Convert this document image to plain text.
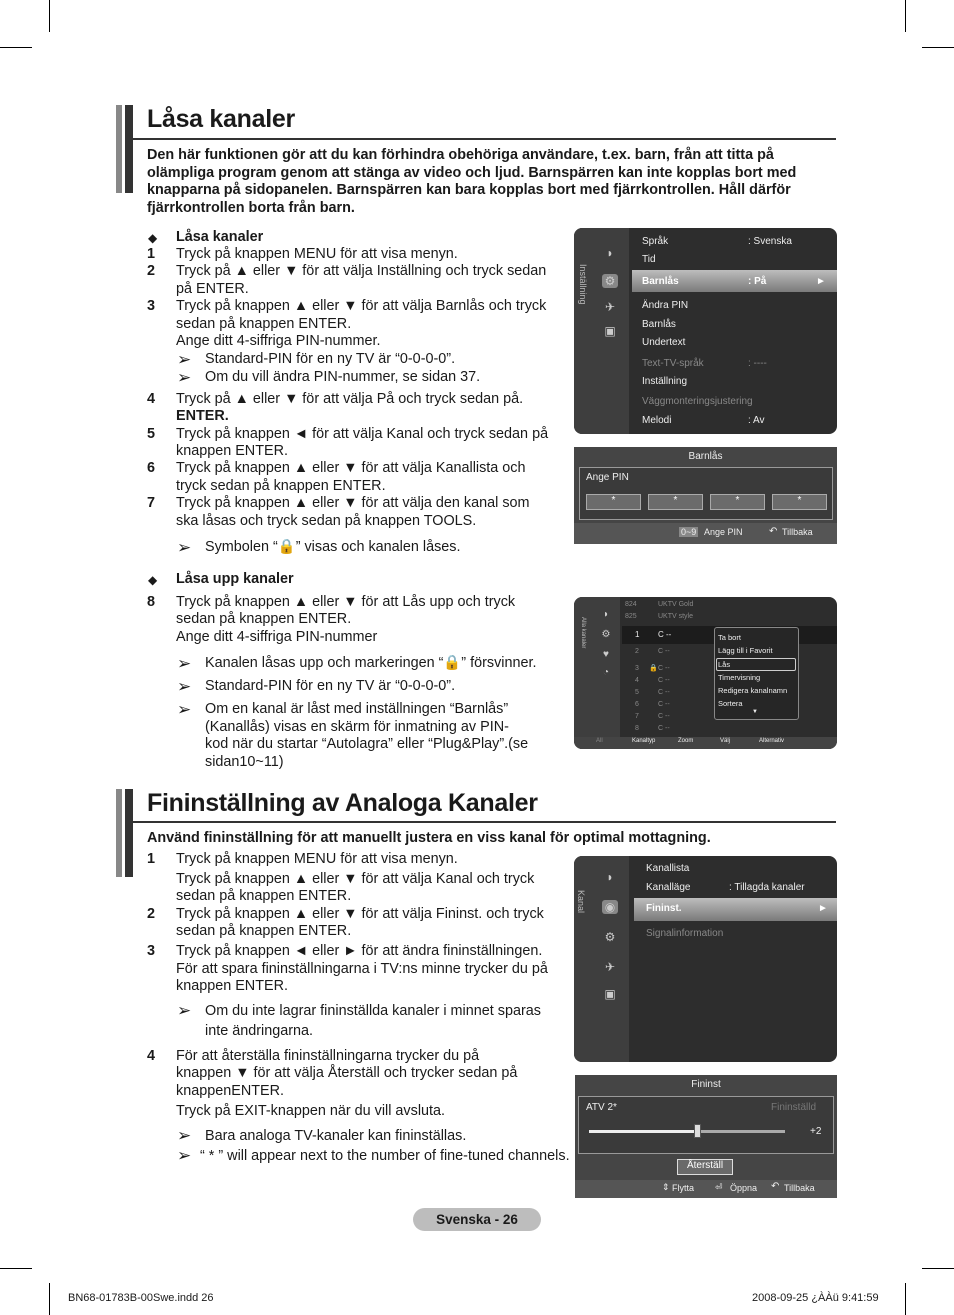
Låsa kanaler
Den här funktionen gör att du kan förhindra obehöriga användare, t.ex. barn, från att titta på olämpliga program genom att stänga av video och ljud. Barnspärren kan inte kopplas bort med knapparna på sidopanelen. Barnspärren kan bara kopplas bort med fjärrkontrollen. Håll därför fjärrkontrollen borta från barn.
◆ Låsa kanaler
1 Tryck på knappen MENU för att visa menyn.
2 Tryck på ▲ eller ▼ för att välja Inställning och tryck sedan
på ENTER.
3 Tryck på knappen ▲ eller ▼ för att välja Barnlås och tryck
sedan på knappen ENTER.
Ange ditt 4-siffriga PIN-nummer.
➢ Standard-PIN för en ny TV är “0-0-0-0”.
➢ Om du vill ändra PIN-nummer, se sidan 37.
4 Tryck på ▲ eller ▼ för att välja På och tryck sedan på.
ENTER.
5 Tryck på knappen ◄ för att välja Kanal och tryck sedan på
knappen ENTER.
6 Tryck på knappen ▲ eller ▼ för att välja Kanallista och
tryck sedan på knappen ENTER.
7 Tryck på knappen ▲ eller ▼ för att välja den kanal som
ska låsas och tryck sedan på knappen TOOLS.
➢ Symbolen “🔒” visas och kanalen låses.
◆ Låsa upp kanaler
8 Tryck på knappen ▲ eller ▼ för att Lås upp och tryck
sedan på knappen ENTER.
Ange ditt 4-siffriga PIN-nummer
➢ Kanalen låsas upp och markeringen “🔒” försvinner.
➢ Standard-PIN för en ny TV är “0-0-0-0”.
➢ Om en kanal är låst med inställningen “Barnlås”
(Kanallås) visas en skärm för inmatning av PIN-
kod när du startar “Autolagra” eller “Plug&Play”.(se
sidan10~11)
Inställning
◗
⚙
✈
▣
Språk	: Svenska
Tid
Barnlås	: På	►
Ändra PIN
Barnlås
Undertext
Text-TV-språk	: ----
Inställning
Väggmonteringsjustering
Melodi	: Av
Barnlås
Ange PIN
*	*	*	*
0~9 Ange PIN	↶ Tillbaka
Alla kanaler
◗
⚙
♥
◔
824	UKTV Gold
825	UKTV style
1 C --
2	C --
3 🔒 C --
4	C --
5	C --
6	C --
7	C --
8	C --
Ta bort
Lägg till i Favorit
Lås
Timervisning
Redigera kanalnamn
Sortera
▼
All	Kanaltyp	Zoom	Välj	Alternativ
Fininställning av Analoga Kanaler
Använd fininställning för att manuellt justera en viss kanal för optimal mottagning.
1 Tryck på knappen MENU för att visa menyn.
Tryck på knappen ▲ eller ▼ för att välja Kanal och tryck
sedan på knappen ENTER.
2 Tryck på knappen ▲ eller ▼ för att välja Fininst. och tryck
sedan på knappen ENTER.
3 Tryck på knappen ◄ eller ► för att ändra fininställningen.
För att spara fininställningarna i TV:ns minne trycker du på
knappen ENTER.
➢ Om du inte lagrar fininställda kanaler i minnet sparas
inte ändringarna.
4 För att återställa fininställningarna trycker du på
knappen ▼ för att välja Återställ och trycker sedan på
knappenENTER.
Tryck på EXIT-knappen när du vill avsluta.
➢ Bara analoga TV-kanaler kan fininställas.
➢ “ * ” will appear next to the number of fine-tuned channels.
Kanal
◗
◉
⚙
✈
▣
Kanallista
Kanalläge	: Tillagda kanaler
Fininst.	►
Signalinformation
Fininst
ATV 2*	Fininställd
+2
Återställ
⇕ Flytta ⏎ Öppna ↶ Tillbaka
Svenska - 26
BN68-01783B-00Swe.indd 26	2008-09-25 ¿ÀÀü 9:41:59
